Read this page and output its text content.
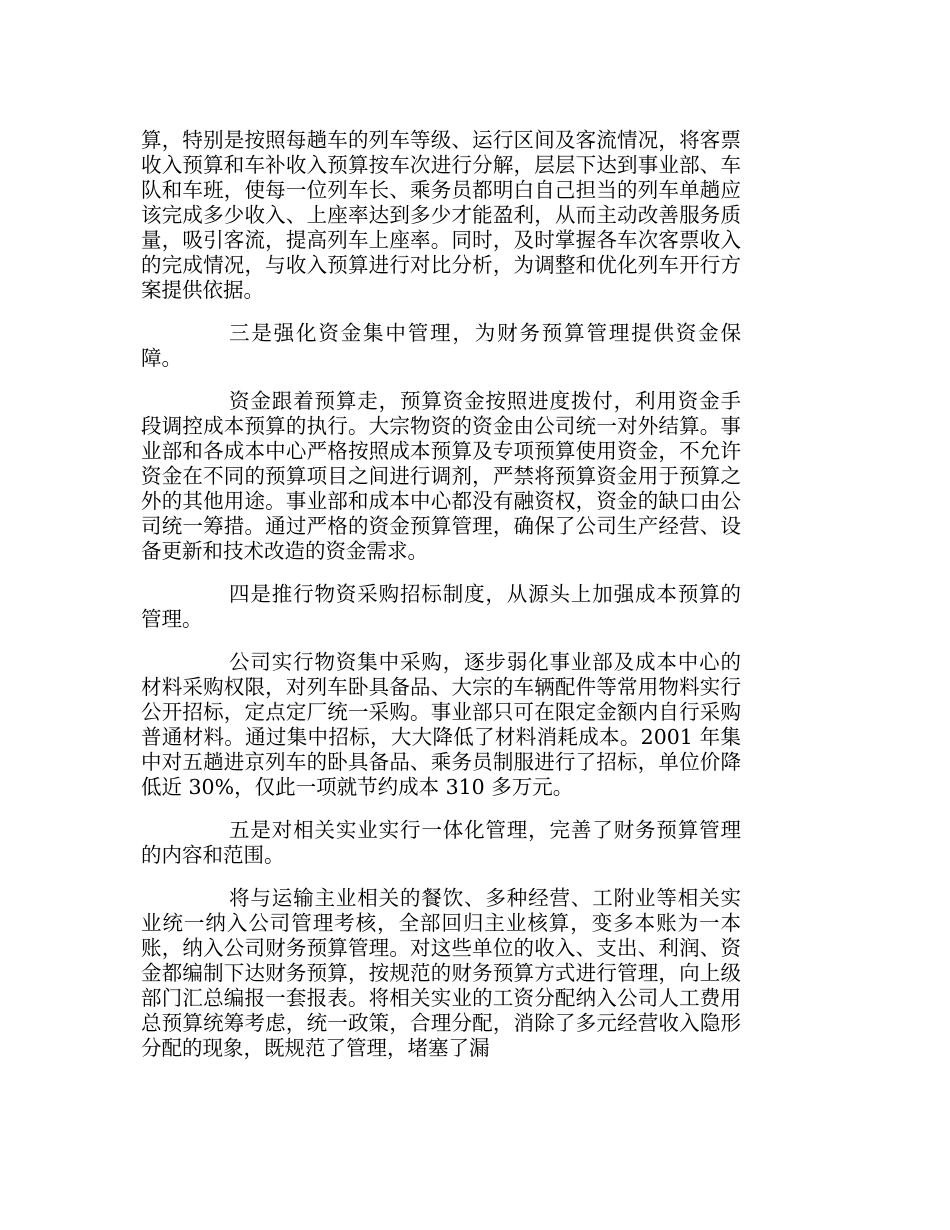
算，特别是按照每趟车的列车等级、运行区间及客流情况，将客票收入预算和车补收入预算按车次进行分解，层层下达到事业部、车队和车班，使每一位列车长、乘务员都明白自己担当的列车单趟应该完成多少收入、上座率达到多少才能盈利，从而主动改善服务质量，吸引客流，提高列车上座率。同时，及时掌握各车次客票收入的完成情况，与收入预算进行对比分析，为调整和优化列车开行方案提供依据。

三是强化资金集中管理，为财务预算管理提供资金保障。

资金跟着预算走，预算资金按照进度拨付，利用资金手段调控成本预算的执行。大宗物资的资金由公司统一对外结算。事业部和各成本中心严格按照成本预算及专项预算使用资金，不允许资金在不同的预算项目之间进行调剂，严禁将预算资金用于预算之外的其他用途。事业部和成本中心都没有融资权，资金的缺口由公司统一筹措。通过严格的资金预算管理，确保了公司生产经营、设备更新和技术改造的资金需求。

四是推行物资采购招标制度，从源头上加强成本预算的管理。

公司实行物资集中采购，逐步弱化事业部及成本中心的材料采购权限，对列车卧具备品、大宗的车辆配件等常用物料实行公开招标，定点定厂统一采购。事业部只可在限定金额内自行采购普通材料。通过集中招标，大大降低了材料消耗成本。2001 年集中对五趟进京列车的卧具备品、乘务员制服进行了招标，单位价降低近 30%，仅此一项就节约成本 310 多万元。

五是对相关实业实行一体化管理，完善了财务预算管理的内容和范围。

将与运输主业相关的餐饮、多种经营、工附业等相关实业统一纳入公司管理考核，全部回归主业核算，变多本账为一本账，纳入公司财务预算管理。对这些单位的收入、支出、利润、资金都编制下达财务预算，按规范的财务预算方式进行管理，向上级部门汇总编报一套报表。将相关实业的工资分配纳入公司人工费用总预算统筹考虑，统一政策，合理分配，消除了多元经营收入隐形分配的现象，既规范了管理，堵塞了漏
